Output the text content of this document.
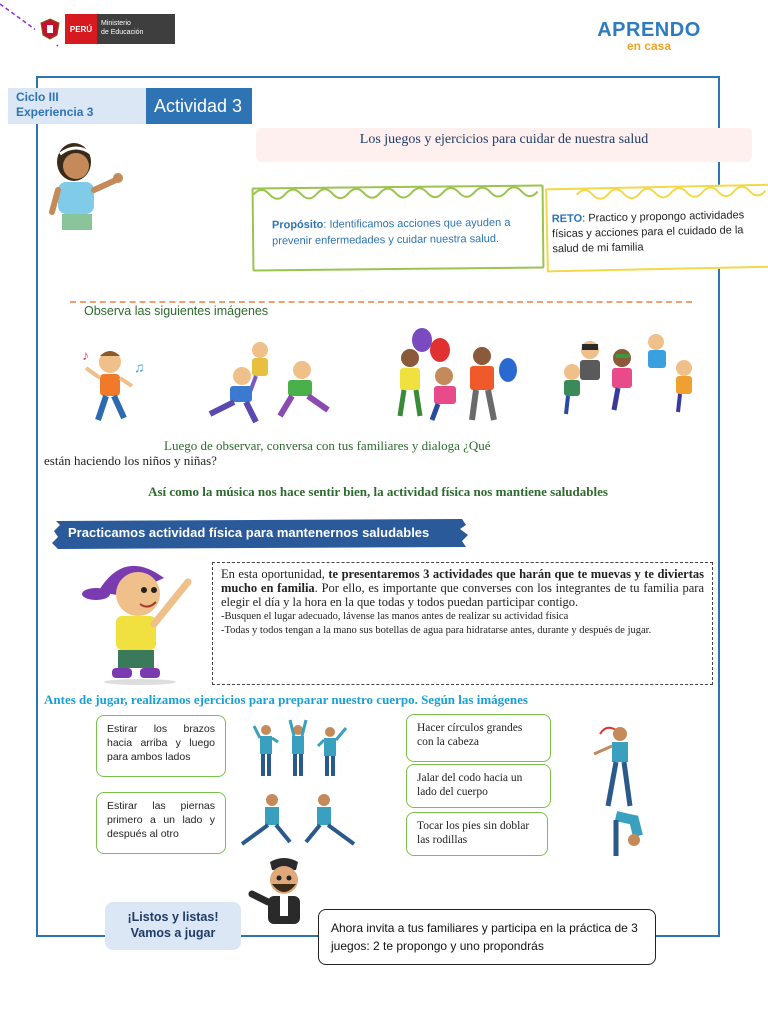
PERÚ
Ministerio
de Educación	APRENDO
en casa
Ciclo III
Experiencia 3	Actividad 3
Los juegos y ejercicios para cuidar de nuestra salud
Propósito: Identificamos acciones que ayuden a prevenir enfermedades y cuidar nuestra salud.
RETO: Practico y propongo actividades físicas y acciones para el cuidado de la salud de mi familia
Observa las siguientes imágenes
♪
♫
Luego de observar, conversa con tus familiares y dialoga ¿Qué
están haciendo los niños y niñas?
Así como la música nos hace sentir bien, la actividad física nos mantiene saludables
Practicamos actividad física para mantenernos saludables

En esta oportunidad, te presentaremos 3 actividades que harán que te muevas y te diviertas mucho en familia. Por ello, es importante que converses con los integrantes de tu familia para elegir el día y la hora en la que todas y todos puedan participar contigo.

-Busquen el lugar adecuado, lávense las manos antes de realizar su actividad física

-Todas y todos tengan a la mano sus botellas de agua para hidratarse antes, durante y después de jugar.

Antes de jugar, realizamos ejercicios para preparar nuestro cuerpo. Según las imágenes
Estirar los brazos hacia arriba y luego para ambos lados
Estirar las piernas primero a un lado y después al otro
Hacer círculos grandes con la cabeza
Jalar del codo hacia un lado del cuerpo
Tocar los pies sin doblar las rodillas
¡Listos y listas!
Vamos a jugar	Ahora invita a tus familiares y participa en la práctica de 3 juegos: 2 te propongo y uno propondrás
